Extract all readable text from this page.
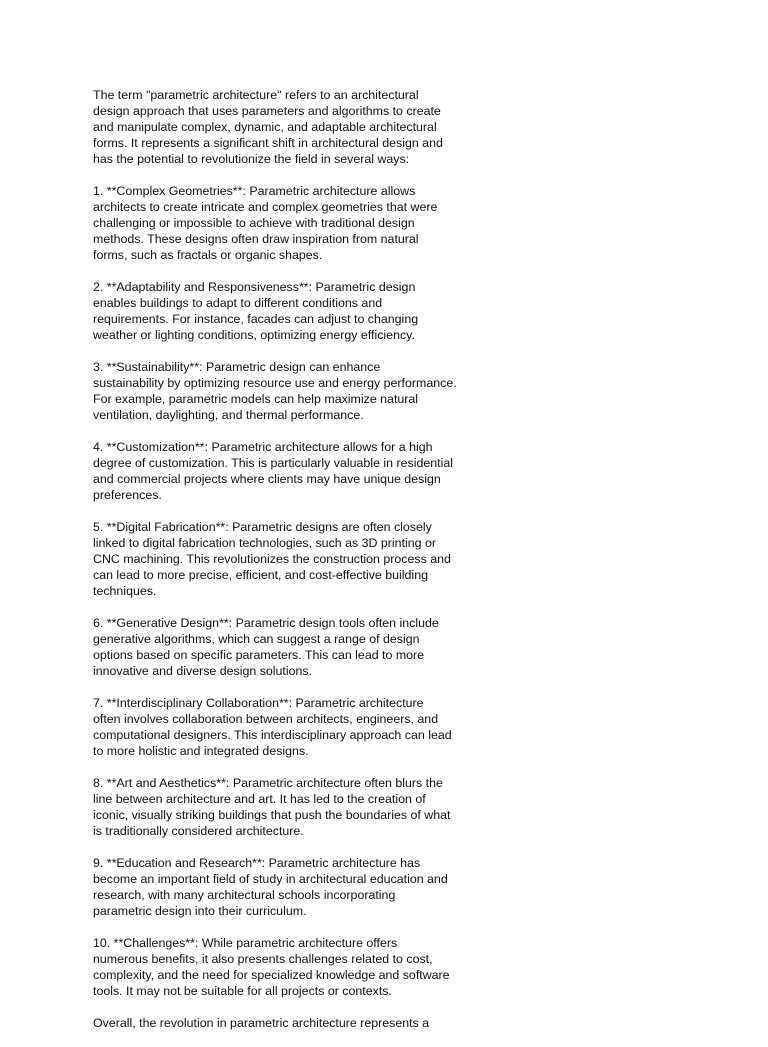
The term "parametric architecture" refers to an architectural
design approach that uses parameters and algorithms to create
and manipulate complex, dynamic, and adaptable architectural
forms. It represents a significant shift in architectural design and
has the potential to revolutionize the field in several ways:

1. **Complex Geometries**: Parametric architecture allows
architects to create intricate and complex geometries that were
challenging or impossible to achieve with traditional design
methods. These designs often draw inspiration from natural
forms, such as fractals or organic shapes.

2. **Adaptability and Responsiveness**: Parametric design
enables buildings to adapt to different conditions and
requirements. For instance, facades can adjust to changing
weather or lighting conditions, optimizing energy efficiency.

3. **Sustainability**: Parametric design can enhance
sustainability by optimizing resource use and energy performance.
For example, parametric models can help maximize natural
ventilation, daylighting, and thermal performance.

4. **Customization**: Parametric architecture allows for a high
degree of customization. This is particularly valuable in residential
and commercial projects where clients may have unique design
preferences.

5. **Digital Fabrication**: Parametric designs are often closely
linked to digital fabrication technologies, such as 3D printing or
CNC machining. This revolutionizes the construction process and
can lead to more precise, efficient, and cost-effective building
techniques.

6. **Generative Design**: Parametric design tools often include
generative algorithms, which can suggest a range of design
options based on specific parameters. This can lead to more
innovative and diverse design solutions.

7. **Interdisciplinary Collaboration**: Parametric architecture
often involves collaboration between architects, engineers, and
computational designers. This interdisciplinary approach can lead
to more holistic and integrated designs.

8. **Art and Aesthetics**: Parametric architecture often blurs the
line between architecture and art. It has led to the creation of
iconic, visually striking buildings that push the boundaries of what
is traditionally considered architecture.

9. **Education and Research**: Parametric architecture has
become an important field of study in architectural education and
research, with many architectural schools incorporating
parametric design into their curriculum.

10. **Challenges**: While parametric architecture offers
numerous benefits, it also presents challenges related to cost,
complexity, and the need for specialized knowledge and software
tools. It may not be suitable for all projects or contexts.

Overall, the revolution in parametric architecture represents a
